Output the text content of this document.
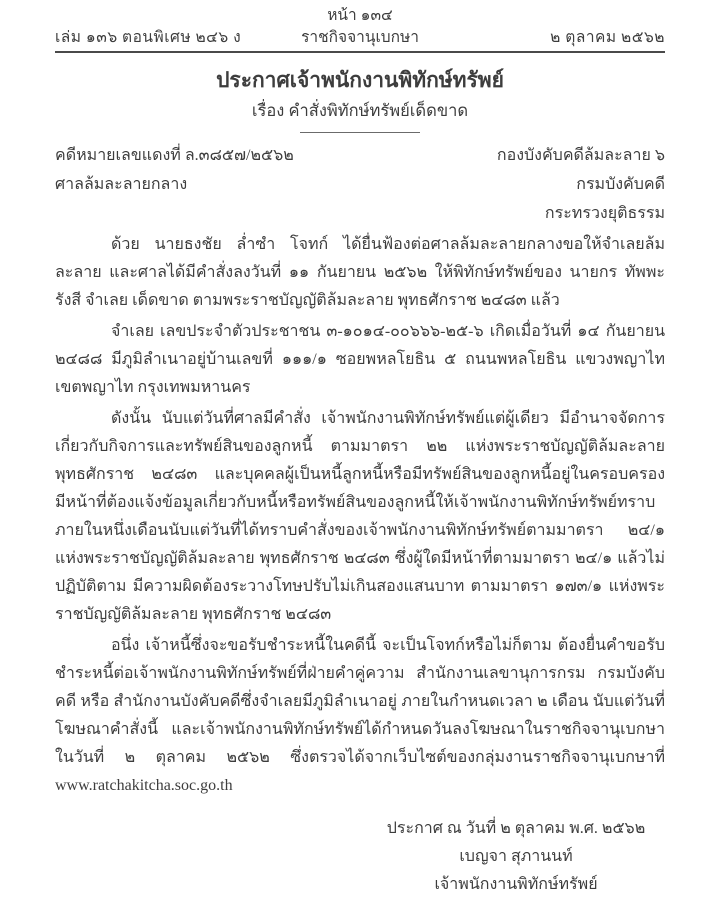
หน้า ๑๓๔
เล่ม ๑๓๖ ตอนพิเศษ ๒๔๖ ง	ราชกิจจานุเบกษา	๒ ตุลาคม ๒๕๖๒
ประกาศเจ้าพนักงานพิทักษ์ทรัพย์
เรื่อง คำสั่งพิทักษ์ทรัพย์เด็ดขาด
คดีหมายเลขแดงที่ ล.๓๘๕๗/๒๕๖๒
ศาลล้มละลายกลาง
กองบังคับคดีล้มละลาย ๖
กรมบังคับคดี
กระทรวงยุติธรรม

ด้วย นายธงชัย ล่ำซำ โจทก์ ได้ยื่นฟ้องต่อศาลล้มละลายกลางขอให้จำเลยล้มละลาย และศาลได้มีคำสั่งลงวันที่ ๑๑ กันยายน ๒๕๖๒ ให้พิทักษ์ทรัพย์ของ นายกร ทัพพะรังสี จำเลย เด็ดขาด ตามพระราชบัญญัติล้มละลาย พุทธศักราช ๒๔๘๓ แล้ว

จำเลย เลขประจำตัวประชาชน ๓-๑๐๑๔-๐๐๖๖๖-๒๕-๖ เกิดเมื่อวันที่ ๑๔ กันยายน ๒๔๘๘ มีภูมิลำเนาอยู่บ้านเลขที่ ๑๑๑/๑ ซอยพหลโยธิน ๕ ถนนพหลโยธิน แขวงพญาไท เขตพญาไท กรุงเทพมหานคร

ดังนั้น นับแต่วันที่ศาลมีคำสั่ง เจ้าพนักงานพิทักษ์ทรัพย์แต่ผู้เดียว มีอำนาจจัดการเกี่ยวกับกิจการและทรัพย์สินของลูกหนี้ ตามมาตรา ๒๒ แห่งพระราชบัญญัติล้มละลาย พุทธศักราช ๒๔๘๓ และบุคคลผู้เป็นหนี้ลูกหนี้หรือมีทรัพย์สินของลูกหนี้อยู่ในครอบครอง มีหน้าที่ต้องแจ้งข้อมูลเกี่ยวกับหนี้หรือทรัพย์สินของลูกหนี้ให้เจ้าพนักงานพิทักษ์ทรัพย์ทราบ ภายในหนึ่งเดือนนับแต่วันที่ได้ทราบคำสั่งของเจ้าพนักงานพิทักษ์ทรัพย์ตามมาตรา ๒๔/๑ แห่งพระราชบัญญัติล้มละลาย พุทธศักราช ๒๔๘๓ ซึ่งผู้ใดมีหน้าที่ตามมาตรา ๒๔/๑ แล้วไม่ปฏิบัติตาม มีความผิดต้องระวางโทษปรับไม่เกินสองแสนบาท ตามมาตรา ๑๗๓/๑ แห่งพระราชบัญญัติล้มละลาย พุทธศักราช ๒๔๘๓

อนึ่ง เจ้าหนี้ซึ่งจะขอรับชำระหนี้ในคดีนี้ จะเป็นโจทก์หรือไม่ก็ตาม ต้องยื่นคำขอรับชำระหนี้ต่อเจ้าพนักงานพิทักษ์ทรัพย์ที่ฝ่ายคำคู่ความ สำนักงานเลขานุการกรม กรมบังคับคดี หรือ สำนักงานบังคับคดีซึ่งจำเลยมีภูมิลำเนาอยู่ ภายในกำหนดเวลา ๒ เดือน นับแต่วันที่โฆษณาคำสั่งนี้ และเจ้าพนักงานพิทักษ์ทรัพย์ได้กำหนดวันลงโฆษณาในราชกิจจานุเบกษา ในวันที่ ๒ ตุลาคม ๒๕๖๒ ซึ่งตรวจได้จากเว็บไซต์ของกลุ่มงานราชกิจจานุเบกษาที่ www.ratchakitcha.soc.go.th

ประกาศ ณ วันที่ ๒ ตุลาคม พ.ศ. ๒๕๖๒
เบญจา สุภานนท์
เจ้าพนักงานพิทักษ์ทรัพย์
